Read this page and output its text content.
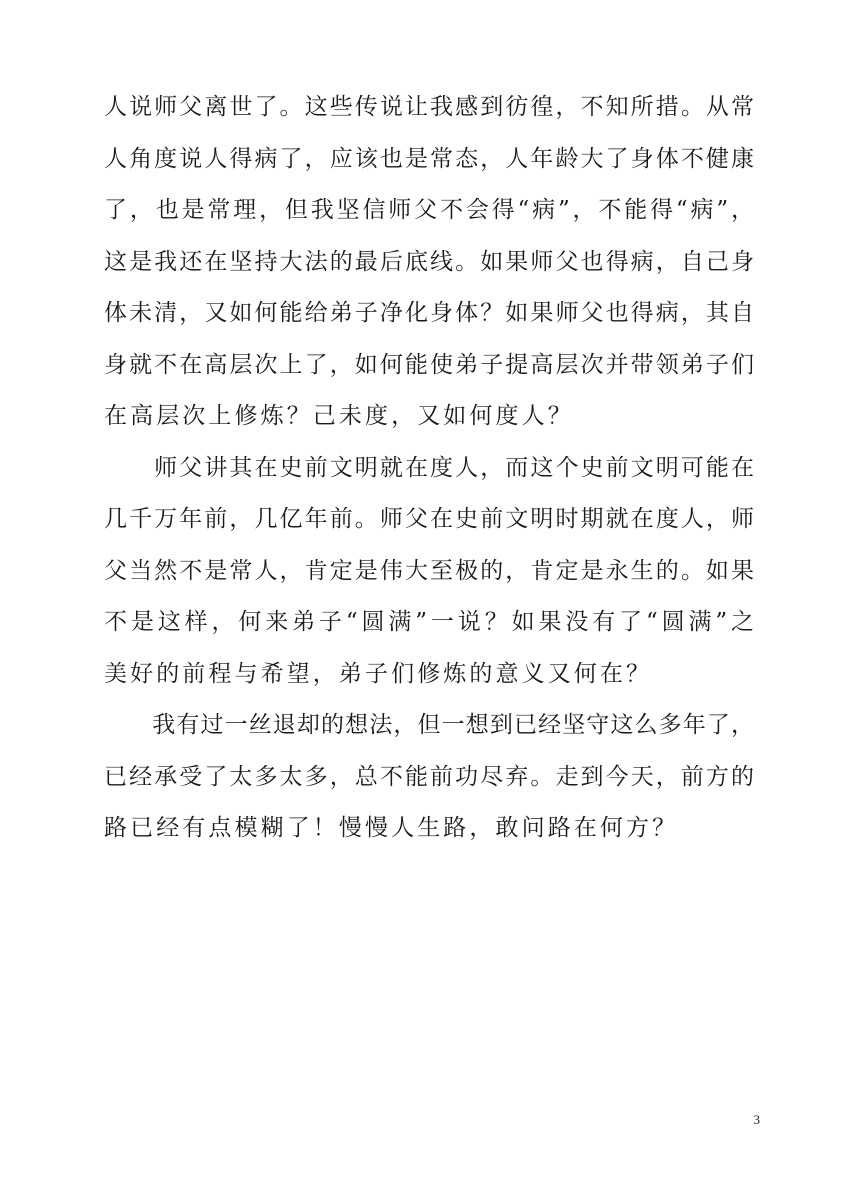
人说师父离世了。这些传说让我感到彷徨，不知所措。从常
人角度说人得病了，应该也是常态，人年龄大了身体不健康
了，也是常理，但我坚信师父不会得“病”，不能得“病”，
这是我还在坚持大法的最后底线。如果师父也得病，自己身
体未清，又如何能给弟子净化身体？如果师父也得病，其自
身就不在高层次上了，如何能使弟子提高层次并带领弟子们
在高层次上修炼？己未度，又如何度人？
　　师父讲其在史前文明就在度人，而这个史前文明可能在
几千万年前，几亿年前。师父在史前文明时期就在度人，师
父当然不是常人，肯定是伟大至极的，肯定是永生的。如果
不是这样，何来弟子“圆满”一说？如果没有了“圆满”之
美好的前程与希望，弟子们修炼的意义又何在？
　　我有过一丝退却的想法，但一想到已经坚守这么多年了，
已经承受了太多太多，总不能前功尽弃。走到今天，前方的
路已经有点模糊了！慢慢人生路，敢问路在何方？
3
